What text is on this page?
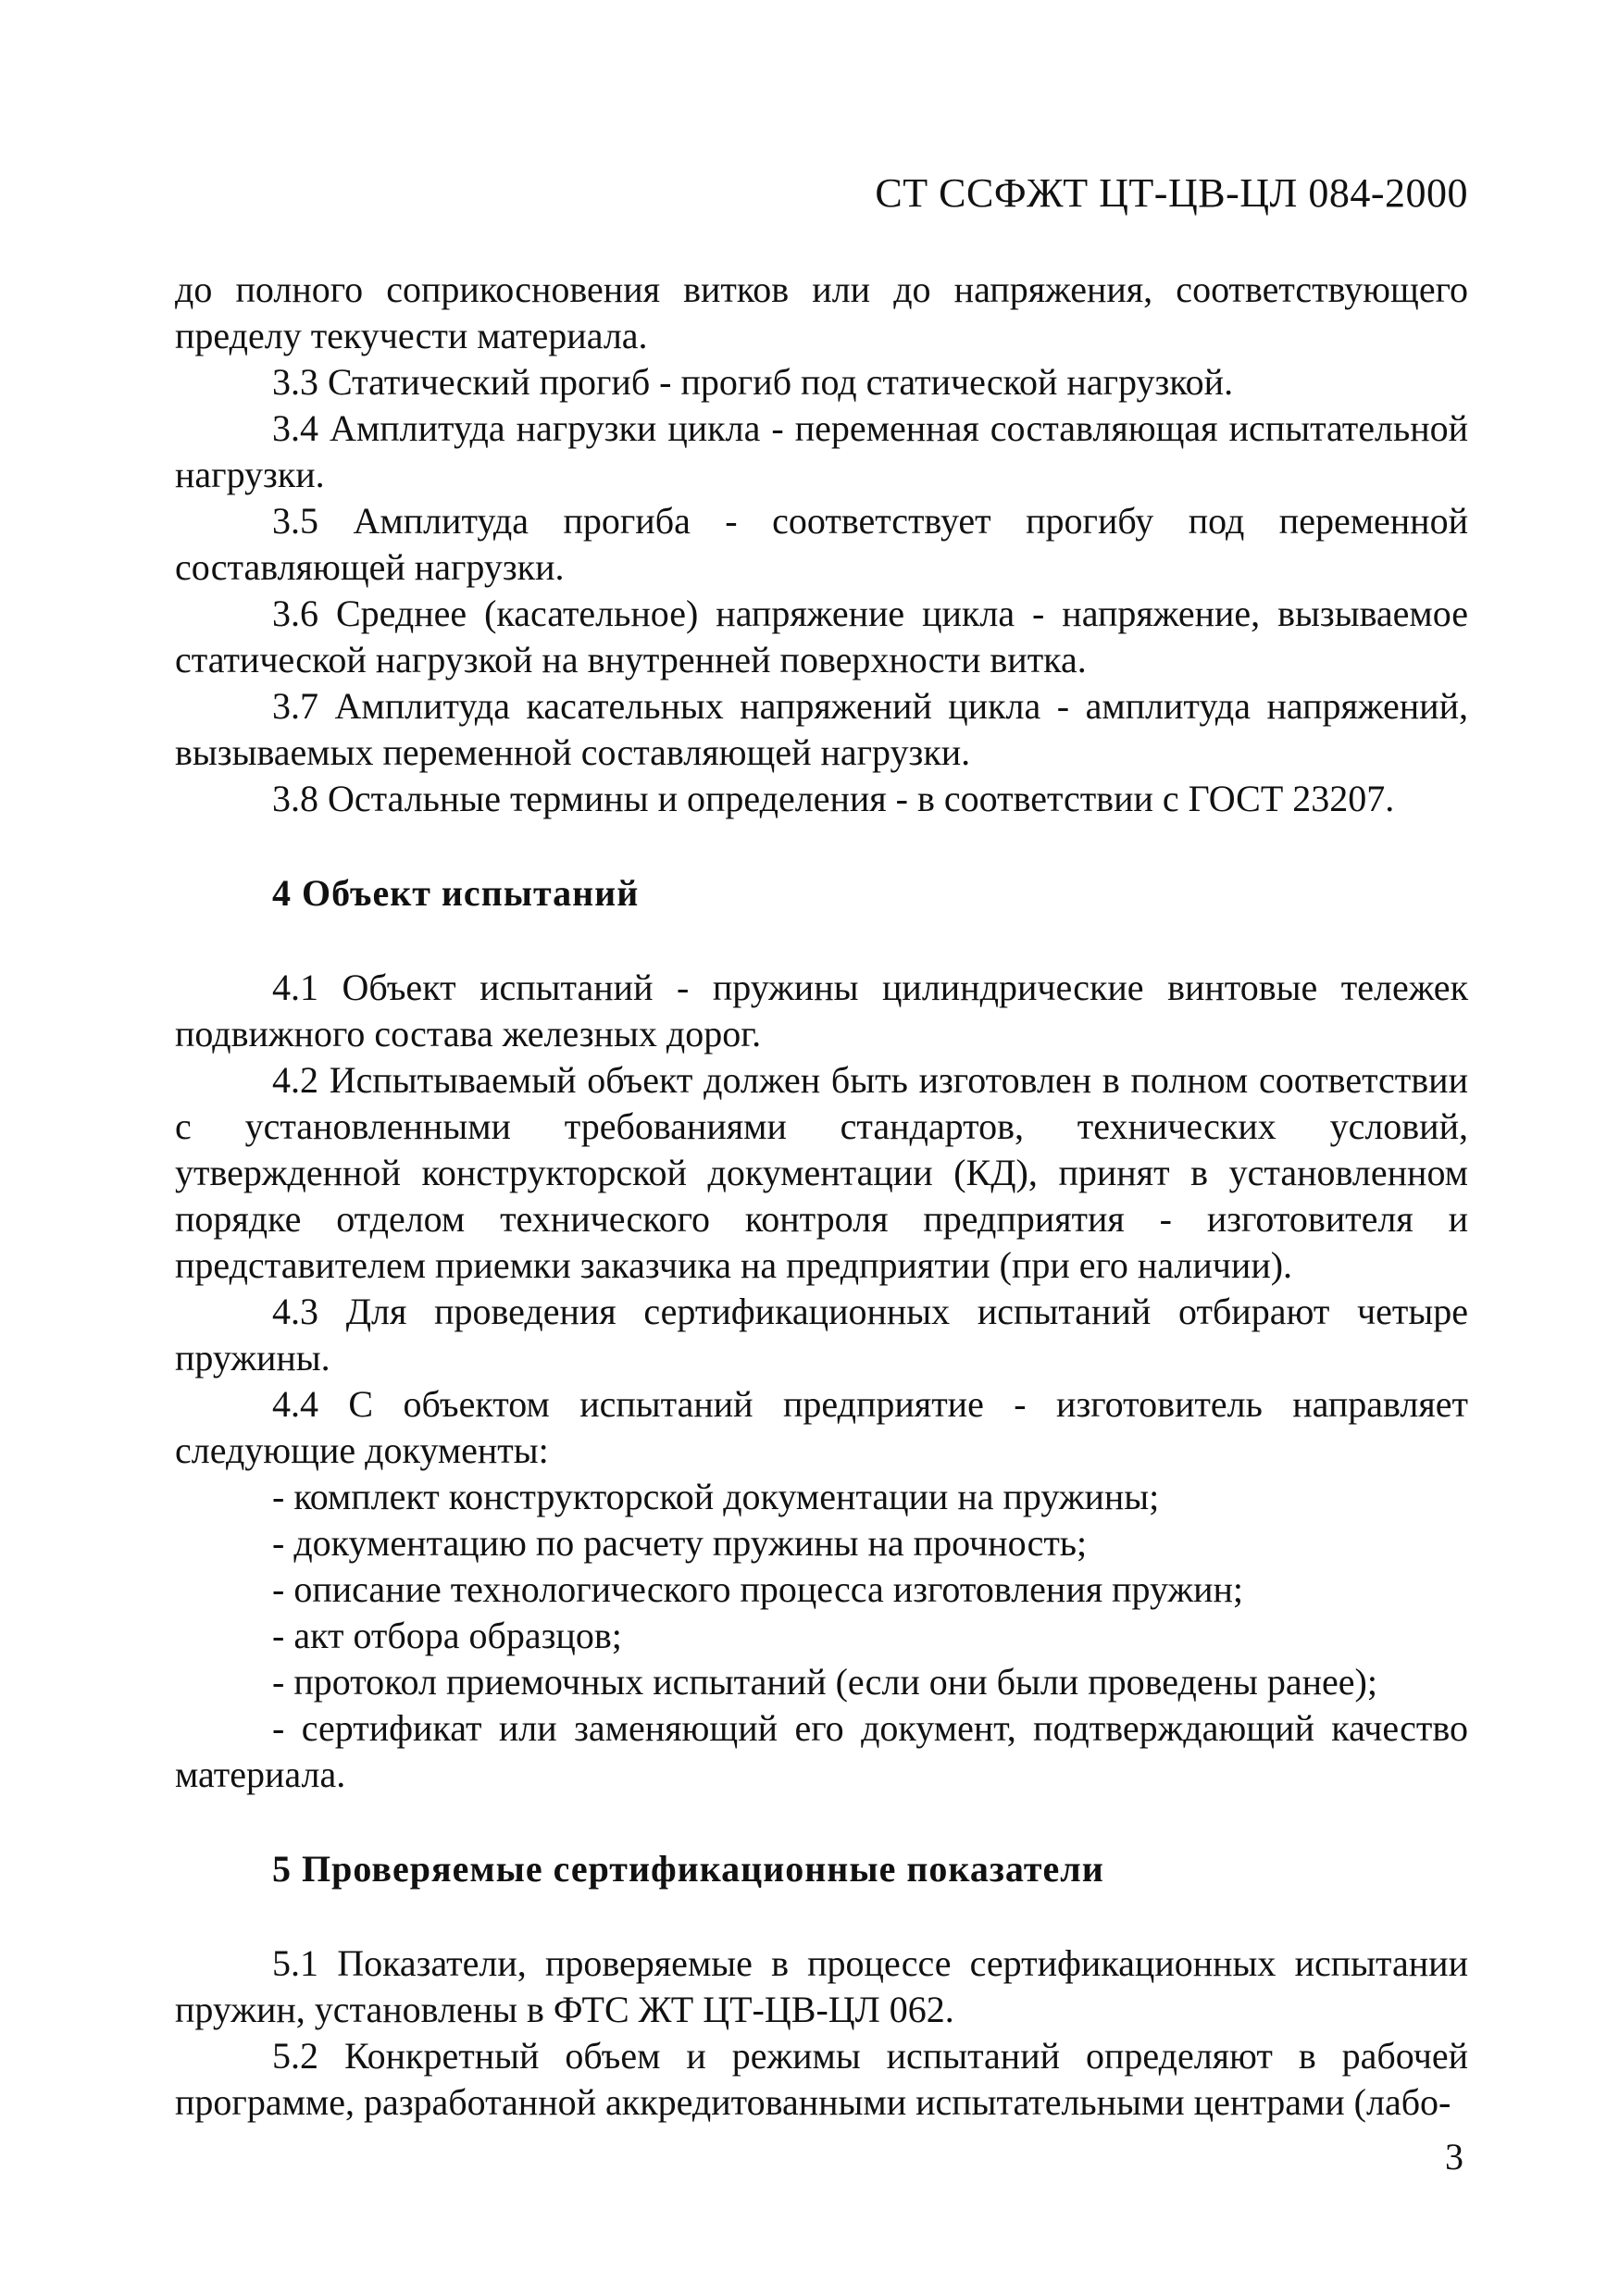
СТ ССФЖТ ЦТ-ЦВ-ЦЛ 084-2000

до полного соприкосновения витков или до напряжения, соответствующего пределу текучести материала.

3.3 Статический прогиб - прогиб под статической нагрузкой.

3.4 Амплитуда нагрузки цикла - переменная составляющая испытательной нагрузки.

3.5 Амплитуда прогиба - соответствует прогибу под переменной составляющей нагрузки.

3.6 Среднее (касательное) напряжение цикла - напряжение, вызываемое статической нагрузкой на внутренней поверхности витка.

3.7 Амплитуда касательных напряжений цикла - амплитуда напряжений, вызываемых переменной составляющей нагрузки.

3.8 Остальные термины и определения - в соответствии с ГОСТ 23207.

4 Объект испытаний

4.1 Объект испытаний - пружины цилиндрические винтовые тележек подвижного состава железных дорог.

4.2 Испытываемый объект должен быть изготовлен в полном соответствии с установленными требованиями стандартов, технических условий, утвержденной конструкторской документации (КД), принят в установленном порядке отделом технического контроля предприятия - изготовителя и представителем приемки заказчика на предприятии (при его наличии).

4.3 Для проведения сертификационных испытаний отбирают четыре пружины.

4.4 С объектом испытаний предприятие - изготовитель направляет следующие документы:

- комплект конструкторской документации на пружины;

- документацию по расчету пружины на прочность;

- описание технологического процесса изготовления пружин;

- акт отбора образцов;

- протокол приемочных испытаний (если они были проведены ранее);

- сертификат или заменяющий его документ, подтверждающий качество материала.

5 Проверяемые сертификационные показатели

5.1 Показатели, проверяемые в процессе сертификационных испытании пружин, установлены в ФТС ЖТ ЦТ-ЦВ-ЦЛ 062.

5.2 Конкретный объем и режимы испытаний определяют в рабочей программе, разработанной аккредитованными испытательными центрами (лабо-

3
